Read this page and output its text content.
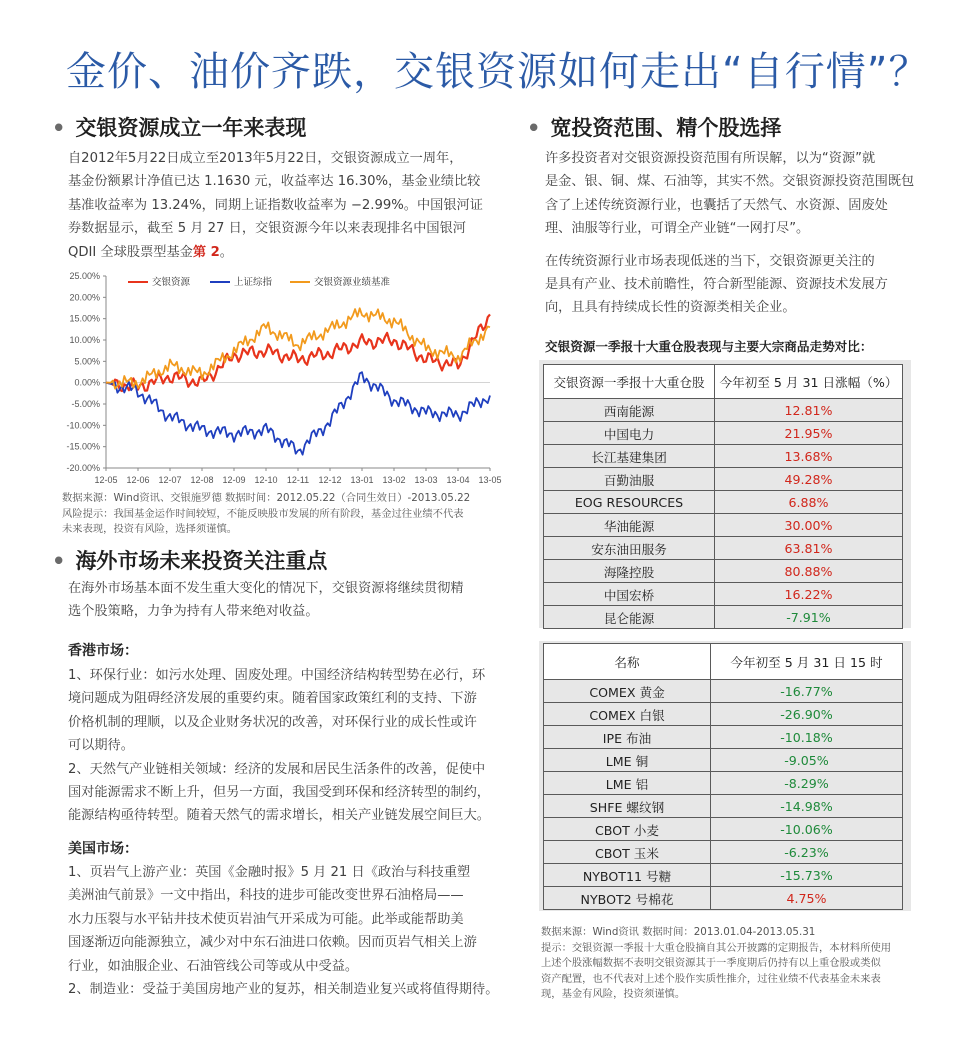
金价、油价齐跌，交银资源如何走出“自行情”？
• 交银资源成立一年来表现
自2012年5月22日成立至2013年5月22日，交银资源成立一周年，
基金份额累计净值已达 1.1630 元，收益率达 16.30%，基金业绩比较
基准收益率为 13.24%，同期上证指数收益率为 −2.99%。中国银河证
券数据显示，截至 5 月 27 日，交银资源今年以来表现排名中国银河
QDII 全球股票型基金第 2。
25.00%
20.00%
15.00%
10.00%
5.00%
0.00%
-5.00%
-10.00%
-15.00%
-20.00%
12-05 12-06 12-07 12-08 12-09 12-10 12-11 12-12 13-01 13-02 13-03 13-04 13-05
交银资源	上证综指	交银资源业绩基准
数据来源：Wind资讯、交银施罗德 数据时间：2012.05.22（合同生效日）-2013.05.22
风险提示：我国基金运作时间较短，不能反映股市发展的所有阶段，基金过往业绩不代表
未来表现，投资有风险，选择须谨慎。
• 海外市场未来投资关注重点
在海外市场基本面不发生重大变化的情况下，交银资源将继续贯彻精
选个股策略，力争为持有人带来绝对收益。
香港市场：
1、环保行业：如污水处理、固废处理。中国经济结构转型势在必行，环
境问题成为阻碍经济发展的重要约束。随着国家政策红利的支持、下游
价格机制的理顺，以及企业财务状况的改善，对环保行业的成长性或许
可以期待。
2、天然气产业链相关领域：经济的发展和居民生活条件的改善，促使中
国对能源需求不断上升，但另一方面，我国受到环保和经济转型的制约，
能源结构亟待转型。随着天然气的需求增长，相关产业链发展空间巨大。
美国市场：
1、页岩气上游产业：英国《金融时报》5 月 21 日《政治与科技重塑
美洲油气前景》一文中指出，科技的进步可能改变世界石油格局——
水力压裂与水平钻井技术使页岩油气开采成为可能。此举或能帮助美
国逐渐迈向能源独立，减少对中东石油进口依赖。因而页岩气相关上游
行业，如油服企业、石油管线公司等或从中受益。
2、制造业：受益于美国房地产业的复苏，相关制造业复兴或将值得期待。
• 宽投资范围、精个股选择
许多投资者对交银资源投资范围有所误解，以为“资源”就
是金、银、铜、煤、石油等，其实不然。交银资源投资范围既包
含了上述传统资源行业，也囊括了天然气、水资源、固废处
理、油服等行业，可谓全产业链“一网打尽”。
在传统资源行业市场表现低迷的当下，交银资源更关注的
是具有产业、技术前瞻性，符合新型能源、资源技术发展方
向，且具有持续成长性的资源类相关企业。
交银资源一季报十大重仓股表现与主要大宗商品走势对比：
交银资源一季报十大重仓股	今年初至 5 月 31 日涨幅（%）
西南能源	12.81%
中国电力	21.95%
长江基建集团	13.68%
百勤油服	49.28%
EOG RESOURCES	6.88%
华油能源	30.00%
安东油田服务	63.81%
海隆控股	80.88%
中国宏桥	16.22%
昆仑能源	-7.91%
名称	今年初至 5 月 31 日 15 时
COMEX 黄金	-16.77%
COMEX 白银	-26.90%
IPE 布油	-10.18%
LME 铜	-9.05%
LME 铝	-8.29%
SHFE 螺纹钢	-14.98%
CBOT 小麦	-10.06%
CBOT 玉米	-6.23%
NYBOT11 号糖	-15.73%
NYBOT2 号棉花	4.75%
数据来源：Wind资讯 数据时间：2013.01.04-2013.05.31
提示：交银资源一季报十大重仓股摘自其公开披露的定期报告，本材料所使用
上述个股涨幅数据不表明交银资源其于一季度期后仍持有以上重仓股或类似
资产配置，也不代表对上述个股作实质性推介，过往业绩不代表基金未来表
现，基金有风险，投资须谨慎。
